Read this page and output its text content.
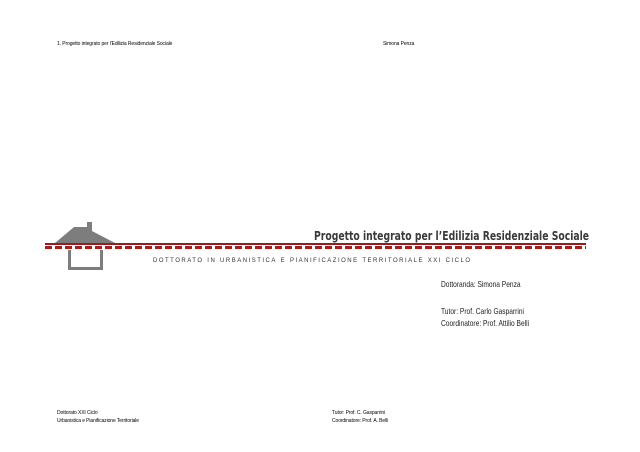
1. Progetto integrato per l'Edilizia Residenziale Sociale	Simona Penza
Progetto integrato per l’Edilizia Residenziale Sociale
dottorato in urbanistica e pianificazione territoriale xxi ciclo
Dottoranda: Simona Penza
Tutor: Prof. Carlo Gasparrini
Coordinatore: Prof. Attilio Belli
Dottorato XXI Ciclo
Urbanistica e Pianificazione Territoriale
Tutor: Prof. C. Gasparrini
Coordinatore: Prof. A. Belli
